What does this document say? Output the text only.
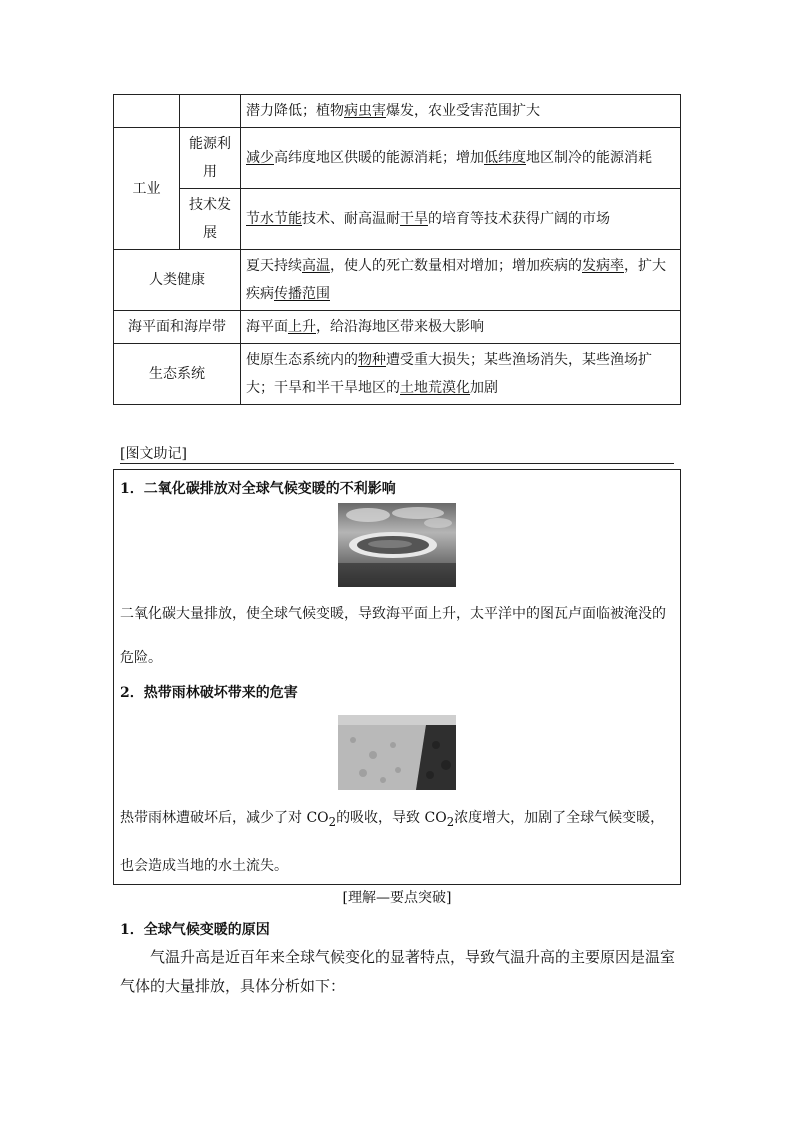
		潜力降低；植物病虫害爆发，农业受害范围扩大
工业	能源利用	减少高纬度地区供暖的能源消耗；增加低纬度地区制冷的能源消耗
	技术发展	节水节能技术、耐高温耐干旱的培育等技术获得广阔的市场
人类健康		夏天持续高温，使人的死亡数量相对增加；增加疾病的发病率，扩大疾病传播范围
海平面和海岸带		海平面上升，给沿海地区带来极大影响
生态系统		使原生态系统内的物种遭受重大损失；某些渔场消失，某些渔场扩大；干旱和半干旱地区的土地荒漠化加剧
[图文助记]
1．二氧化碳排放对全球气候变暖的不利影响
二氧化碳大量排放，使全球气候变暖，导致海平面上升，太平洋中的图瓦卢面临被淹没的危险。
2．热带雨林破坏带来的危害
热带雨林遭破坏后，减少了对 $CO_2$的吸收，导致 $CO_2$浓度增大，加剧了全球气候变暖，也会造成当地的水土流失。
[理解—要点突破]
1．全球气候变暖的原因
气温升高是近百年来全球气候变化的显著特点，导致气温升高的主要原因是温室气体的大量排放，具体分析如下：
